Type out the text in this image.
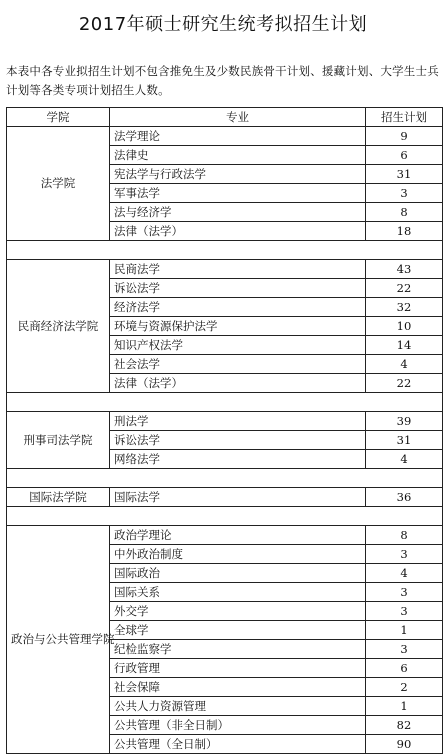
2017年硕士研究生统考拟招生计划
本表中各专业拟招生计划不包含推免生及少数民族骨干计划、援藏计划、大学生士兵计划等各类专项计划招生人数。
学院	专业	招生计划
法学院	法学理论	9
	法律史	6
	宪法学与行政法学	31
	军事法学	3
	法与经济学	8
	法律（法学）	18

民商经济法学院	民商法学	43
	诉讼法学	22
	经济法学	32
	环境与资源保护法学	10
	知识产权法学	14
	社会法学	4
	法律（法学）	22

刑事司法学院	刑法学	39
	诉讼法学	31
	网络法学	4

国际法学院	国际法学	36

政治与公共管理学院	政治学理论	8
	中外政治制度	3
	国际政治	4
	国际关系	3
	外交学	3
	全球学	1
	纪检监察学	3
	行政管理	6
	社会保障	2
	公共人力资源管理	1
	公共管理（非全日制）	82
	公共管理（全日制）	90
